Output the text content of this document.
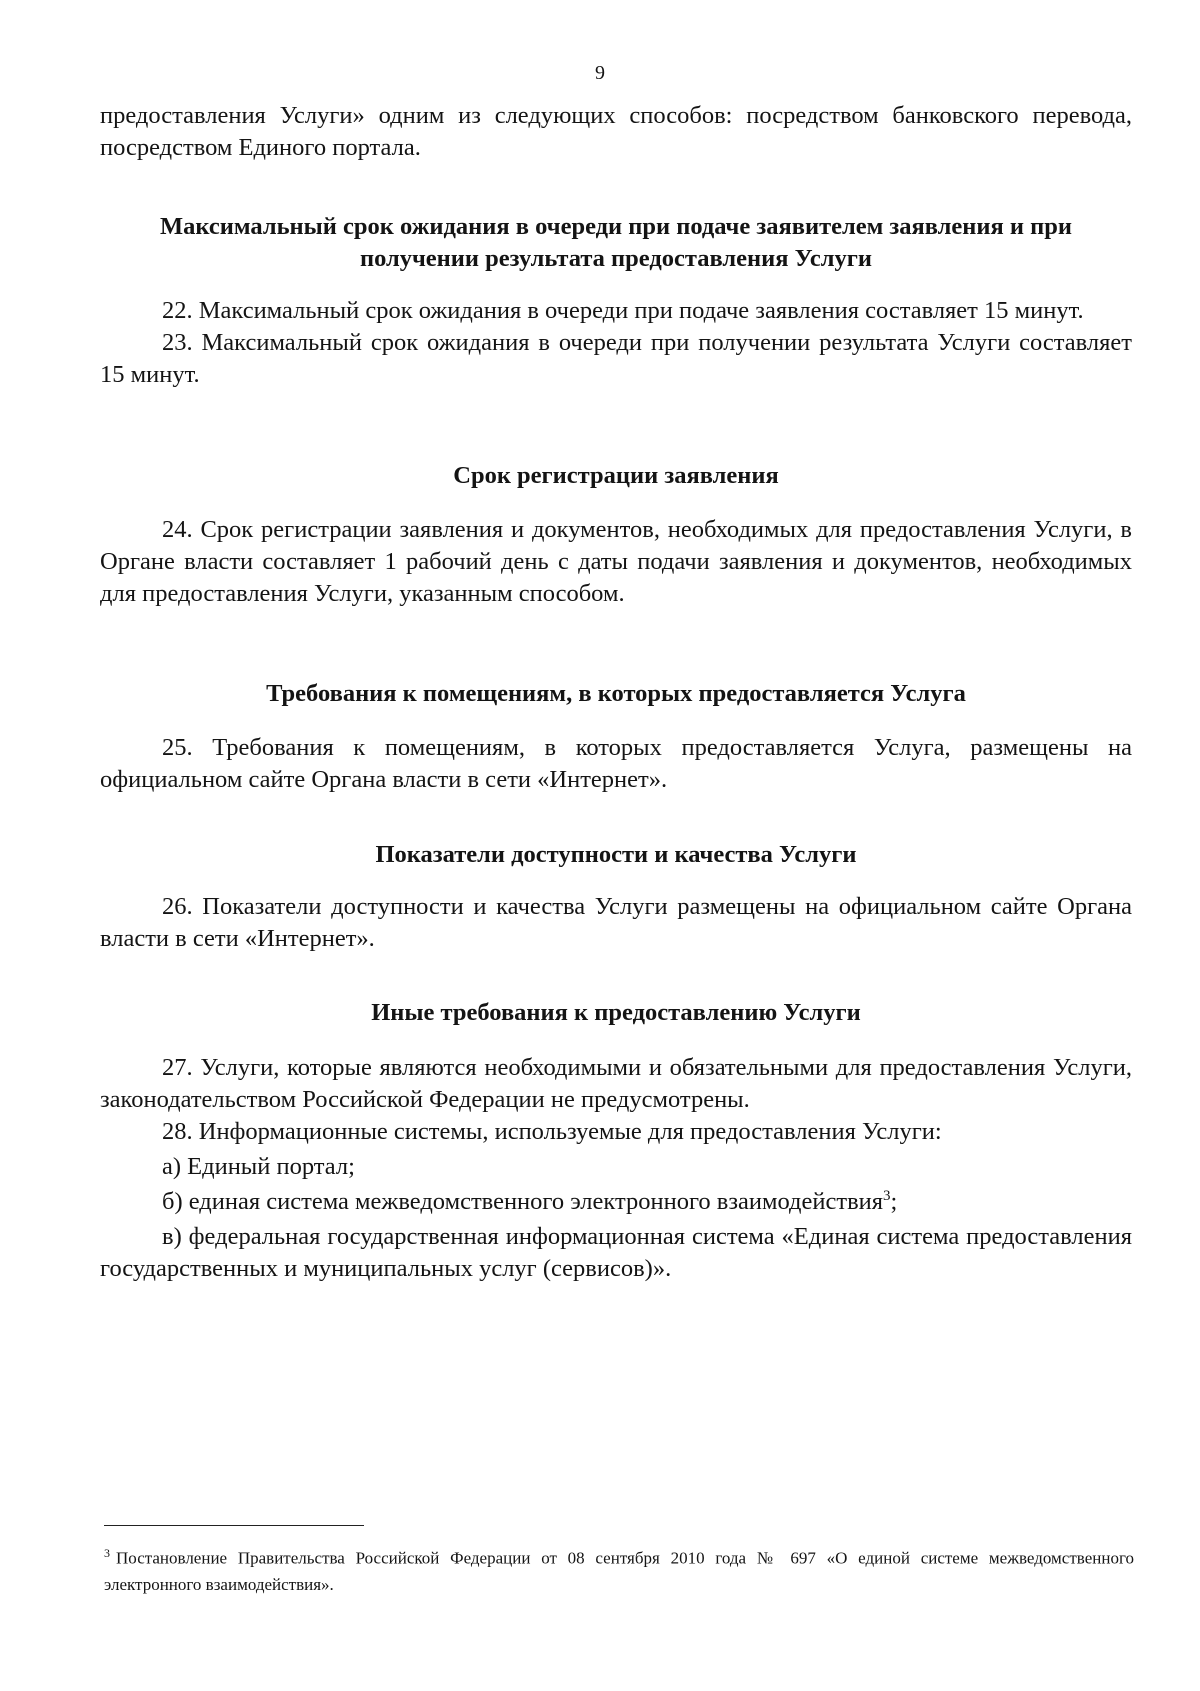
9

предоставления Услуги» одним из следующих способов: посредством банковского перевода, посредством Единого портала.

Максимальный срок ожидания в очереди при подаче заявителем заявления и при получении результата предоставления Услуги

22. Максимальный срок ожидания в очереди при подаче заявления составляет 15 минут.

23. Максимальный срок ожидания в очереди при получении результата Услуги составляет 15 минут.

Срок регистрации заявления

24. Срок регистрации заявления и документов, необходимых для предоставления Услуги, в Органе власти составляет 1 рабочий день с даты подачи заявления и документов, необходимых для предоставления Услуги, указанным способом.

Требования к помещениям, в которых предоставляется Услуга

25. Требования к помещениям, в которых предоставляется Услуга, размещены на официальном сайте Органа власти в сети «Интернет».

Показатели доступности и качества Услуги

26. Показатели доступности и качества Услуги размещены на официальном сайте Органа власти в сети «Интернет».

Иные требования к предоставлению Услуги

27. Услуги, которые являются необходимыми и обязательными для предоставления Услуги, законодательством Российской Федерации не предусмотрены.

28. Информационные системы, используемые для предоставления Услуги:

а) Единый портал;

б) единая система межведомственного электронного взаимодействия$^3$;

в) федеральная государственная информационная система «Единая система предоставления государственных и муниципальных услуг (сервисов)».

$^3$ Постановление Правительства Российской Федерации от 08 сентября 2010 года № 697 «О единой системе межведомственного электронного взаимодействия».
